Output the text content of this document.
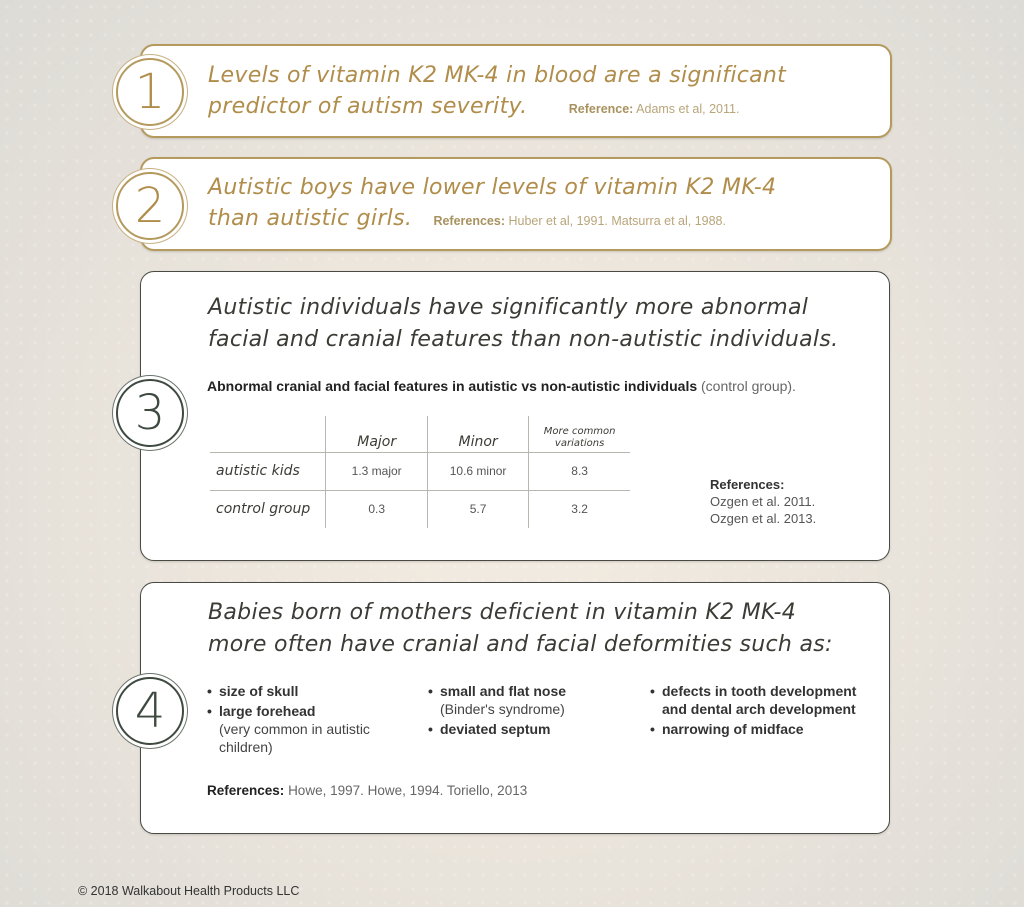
1	Levels of vitamin K2 MK-4 in blood are a significant
predictor of autism severity.	Reference: Adams et al, 2011.
2	Autistic boys have lower levels of vitamin K2 MK-4
than autistic girls. References: Huber et al, 1991. Matsurra et al, 1988.
3
Autistic individuals have significantly more abnormal
facial and cranial features than non-autistic individuals.
Abnormal cranial and facial features in autistic vs non-autistic individuals (control group).
	Major	Minor	More common variations
autistic kids	1.3 major	10.6 minor	8.3
control group	0.3	5.7	3.2
References:
Ozgen et al. 2011.
Ozgen et al. 2013.
4
Babies born of mothers deficient in vitamin K2 MK-4
more often have cranial and facial deformities such as:
• size of skull
• large forehead
(very common in autistic children)
• small and flat nose
(Binder's syndrome)
• deviated septum
• defects in tooth development and dental arch development
• narrowing of midface
References: Howe, 1997. Howe, 1994. Toriello, 2013
© 2018 Walkabout Health Products LLC
